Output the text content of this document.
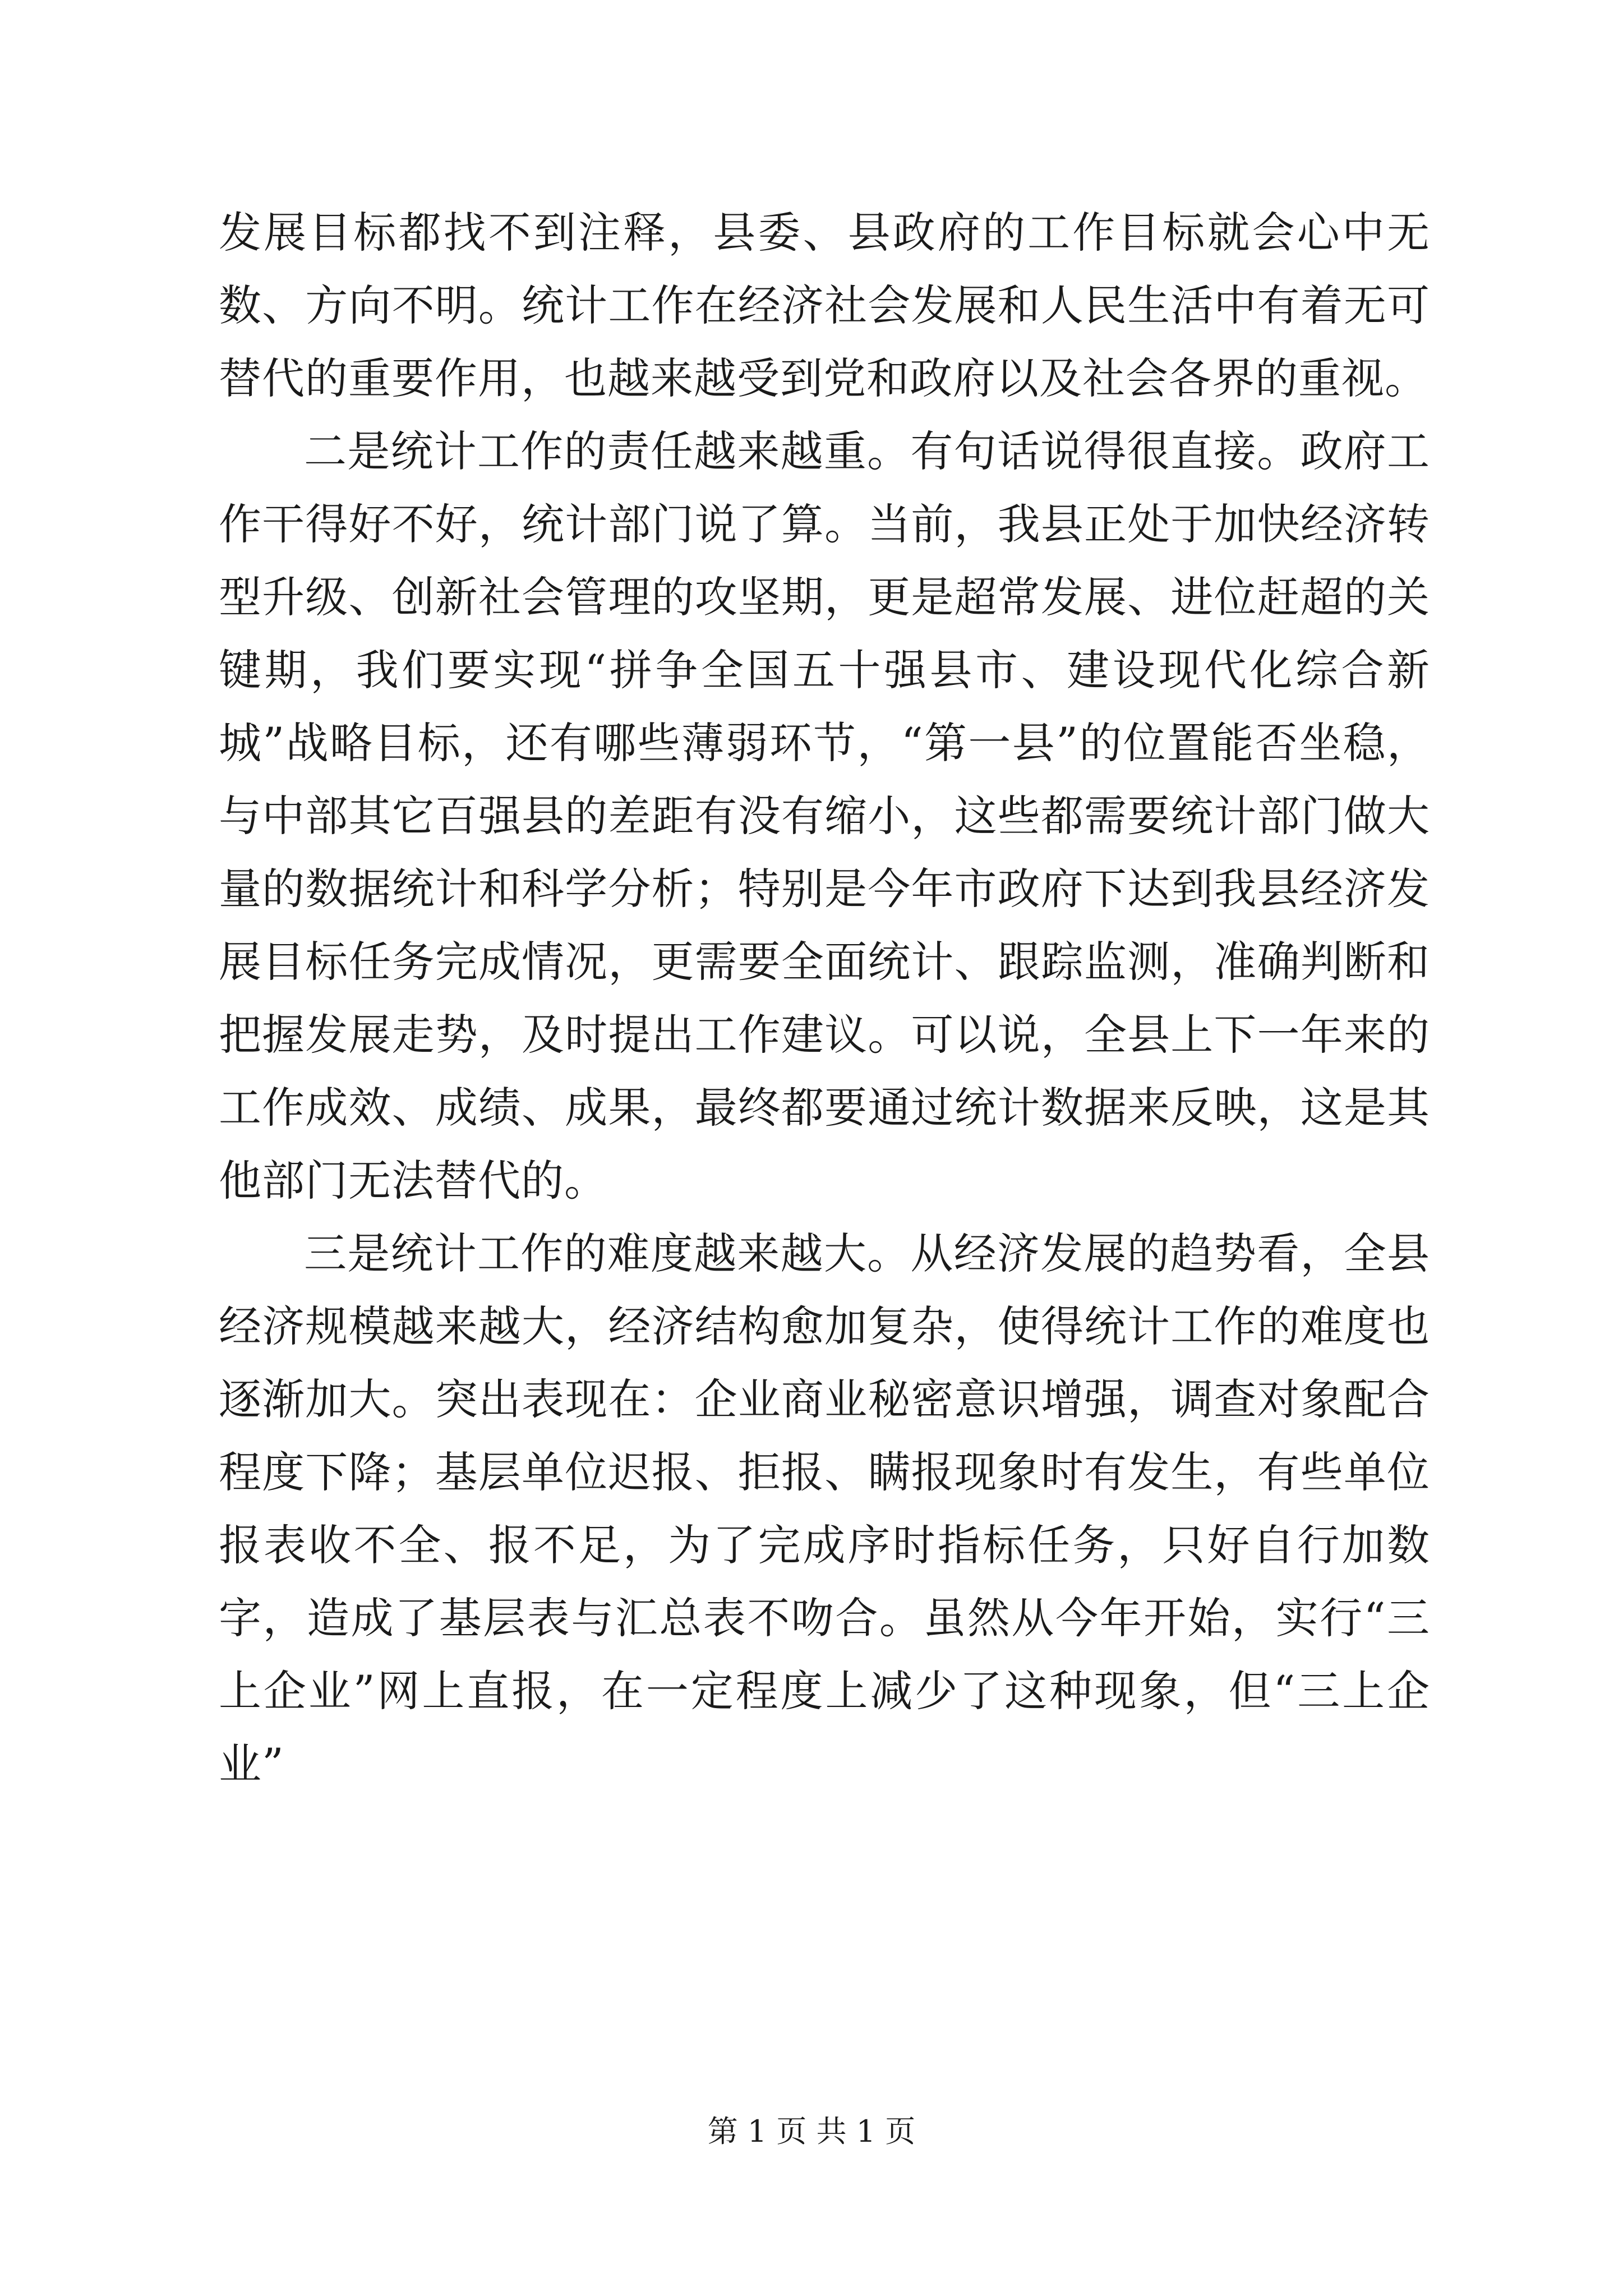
发展目标都找不到注释，县委、县政府的工作目标就会心中无数、方向不明。统计工作在经济社会发展和人民生活中有着无可替代的重要作用，也越来越受到党和政府以及社会各界的重视。

二是统计工作的责任越来越重。有句话说得很直接。政府工作干得好不好，统计部门说了算。当前，我县正处于加快经济转型升级、创新社会管理的攻坚期，更是超常发展、进位赶超的关键期，我们要实现“拼争全国五十强县市、建设现代化综合新城”战略目标，还有哪些薄弱环节，“第一县”的位置能否坐稳，与中部其它百强县的差距有没有缩小，这些都需要统计部门做大量的数据统计和科学分析；特别是今年市政府下达到我县经济发展目标任务完成情况，更需要全面统计、跟踪监测，准确判断和把握发展走势，及时提出工作建议。可以说，全县上下一年来的工作成效、成绩、成果，最终都要通过统计数据来反映，这是其他部门无法替代的。

三是统计工作的难度越来越大。从经济发展的趋势看，全县经济规模越来越大，经济结构愈加复杂，使得统计工作的难度也逐渐加大。突出表现在：企业商业秘密意识增强，调查对象配合程度下降；基层单位迟报、拒报、瞒报现象时有发生，有些单位报表收不全、报不足，为了完成序时指标任务，只好自行加数字，造成了基层表与汇总表不吻合。虽然从今年开始，实行“三上企业”网上直报，在一定程度上减少了这种现象，但“三上企业”

第 1 页 共 1 页
